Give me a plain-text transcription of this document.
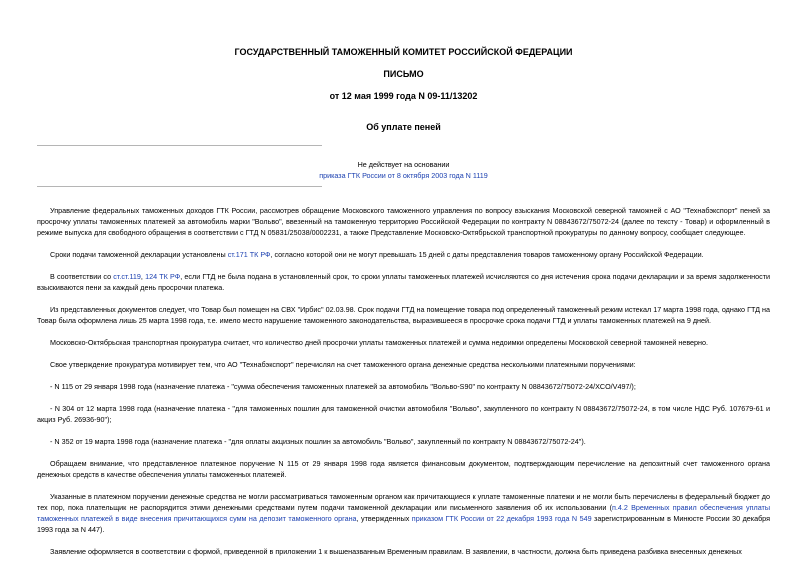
ГОСУДАРСТВЕННЫЙ ТАМОЖЕННЫЙ КОМИТЕТ РОССИЙСКОЙ ФЕДЕРАЦИИ
ПИСЬМО
от 12 мая 1999 года N 09-11/13202
Об уплате пеней
Не действует на основании
приказа ГТК России от 8 октября 2003 года N 1119

Управление федеральных таможенных доходов ГТК России, рассмотрев обращение Московского таможенного управления по вопросу взыскания Московской северной таможней с АО "Технабэкспорт" пеней за просрочку уплаты таможенных платежей за автомобиль марки "Вольво", ввезенный на таможенную территорию Российской Федерации по контракту N 08843672/75072-24 (далее по тексту - Товар) и оформленный в режиме выпуска для свободного обращения в соответствии с ГТД N 05831/25038/0002231, а также Представление Московско-Октябрьской транспортной прокуратуры по данному вопросу, сообщает следующее.

Сроки подачи таможенной декларации установлены ст.171 ТК РФ, согласно которой они не могут превышать 15 дней с даты представления товаров таможенному органу Российской Федерации.

В соответствии со ст.ст.119, 124 ТК РФ, если ГТД не была подана в установленный срок, то сроки уплаты таможенных платежей исчисляются со дня истечения срока подачи декларации и за время задолженности взыскиваются пени за каждый день просрочки платежа.

Из представленных документов следует, что Товар был помещен на СВХ "Ирбис" 02.03.98. Срок подачи ГТД на помещение товара под определенный таможенный режим истекал 17 марта 1998 года, однако ГТД на Товар была оформлена лишь 25 марта 1998 года, т.е. имело место нарушение таможенного законодательства, выразившееся в просрочке срока подачи ГТД и уплаты таможенных платежей на 9 дней.

Московско-Октябрьская транспортная прокуратура считает, что количество дней просрочки уплаты таможенных платежей и сумма недоимки определены Московской северной таможней неверно.

Свое утверждение прокуратура мотивирует тем, что АО "Технабэкспорт" перечислял на счет таможенного органа денежные средства несколькими платежными поручениями:

- N 115 от 29 января 1998 года (назначение платежа - "сумма обеспечения таможенных платежей за автомобиль "Вольво-S90" по контракту N 08843672/75072-24/XCO/V497/);

- N 304 от 12 марта 1998 года (назначение платежа - "для таможенных пошлин для таможенной очистки автомобиля "Вольво", закупленного по контракту N 08843672/75072-24, в том числе НДС Руб. 107679-61 и акциз Руб. 26936-90");

- N 352 от 19 марта 1998 года (назначение платежа - "для оплаты акцизных пошлин за автомобиль "Вольво", закупленный по контракту N 08843672/75072-24").

Обращаем внимание, что представленное платежное поручение N 115 от 29 января 1998 года является финансовым документом, подтверждающим перечисление на депозитный счет таможенного органа денежных средств в качестве обеспечения уплаты таможенных платежей.

Указанные в платежном поручении денежные средства не могли рассматриваться таможенным органом как причитающиеся к уплате таможенные платежи и не могли быть перечислены в федеральный бюджет до тех пор, пока плательщик не распорядится этими денежными средствами путем подачи таможенной декларации или письменного заявления об их использовании (п.4.2 Временных правил обеспечения уплаты таможенных платежей в виде внесения причитающихся сумм на депозит таможенного органа, утвержденных приказом ГТК России от 22 декабря 1993 года N 549 зарегистрированным в Минюсте России 30 декабря 1993 года за N 447).

Заявление оформляется в соответствии с формой, приведенной в приложении 1 к вышеназванным Временным правилам. В заявлении, в частности, должна быть приведена разбивка внесенных денежных
